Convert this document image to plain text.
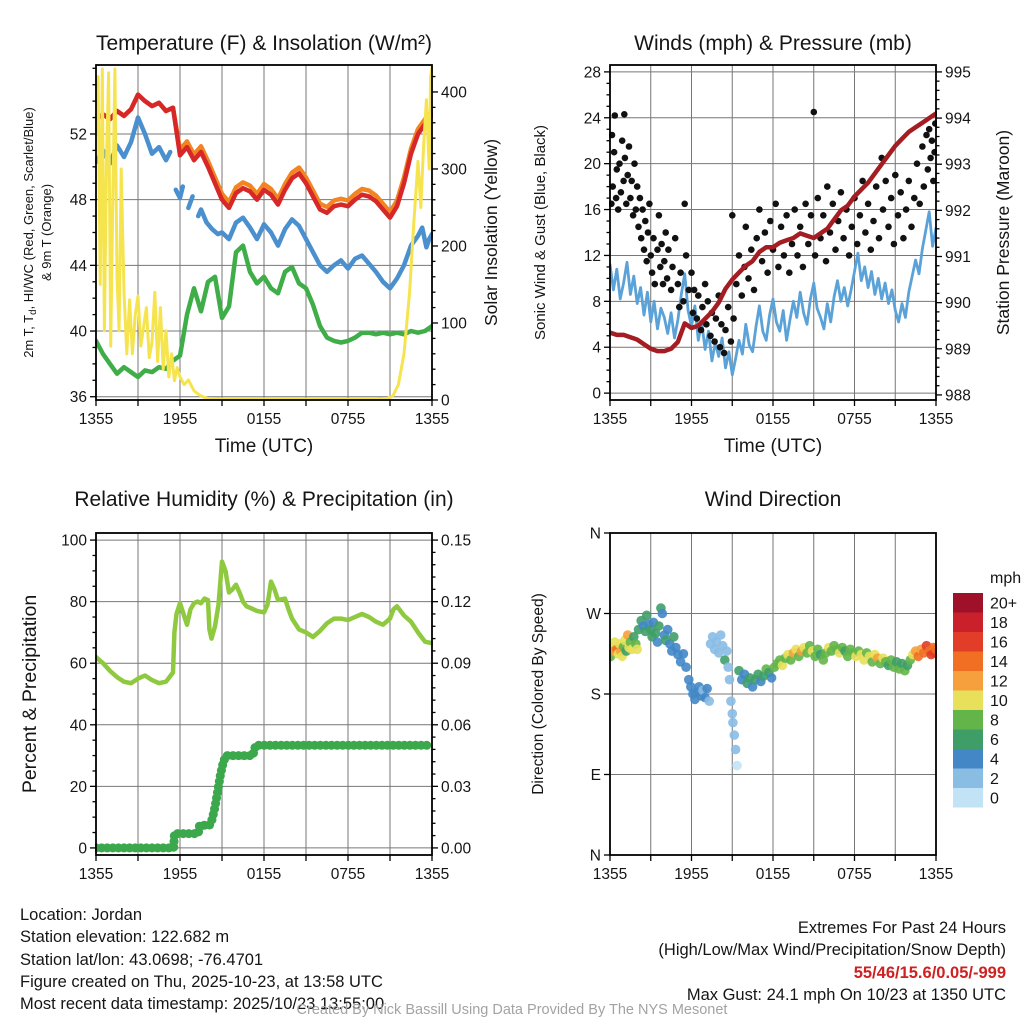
Location: Jordan
Station elevation: 122.682 m
Station lat/lon: 43.0698; -76.4701
Figure created on Thu, 2025-10-23, at 13:58 UTC
Most recent data timestamp: 2025/10/23 13:55:00
Extremes For Past 24 Hours
(High/Low/Max Wind/Precipitation/Snow Depth)
55/46/15.6/0.05/-999
Max Gust: 24.1 mph On 10/23 at 1350 UTC
Created By Nick Bassill Using Data Provided By The NYS Mesonet
1355	1955	0155	0755	1355
36
40
44
48
52
0
100
200
300
400
2m T, $T_d$, HI/WC (Red, Green, Scarlet/Blue) & 9m T (Orange)	Solar Insolation (Yellow)
Temperature (F) & Insolation (W/m²)
Time (UTC)
1355	1955	0155	0755	1355
0
4
8
12
16
20
24
28
988
989
990
991
992
993
994
995
Sonic Wind & Gust (Blue, Black)	Station Pressure (Maroon)
Winds (mph) & Pressure (mb)
Time (UTC)
1355	1955	0155	0755	1355
0
20
40
60
80
100
0.00
0.03
0.06
0.09
0.12
0.15
Percent & Precipitation
Relative Humidity (%) & Precipitation (in)
1355	1955	0155	0755	1355
N
W
S
E
N
Direction (Colored By Speed)
Wind Direction
mph
20+
18
16
14
12
10
8
6
4
2
0
